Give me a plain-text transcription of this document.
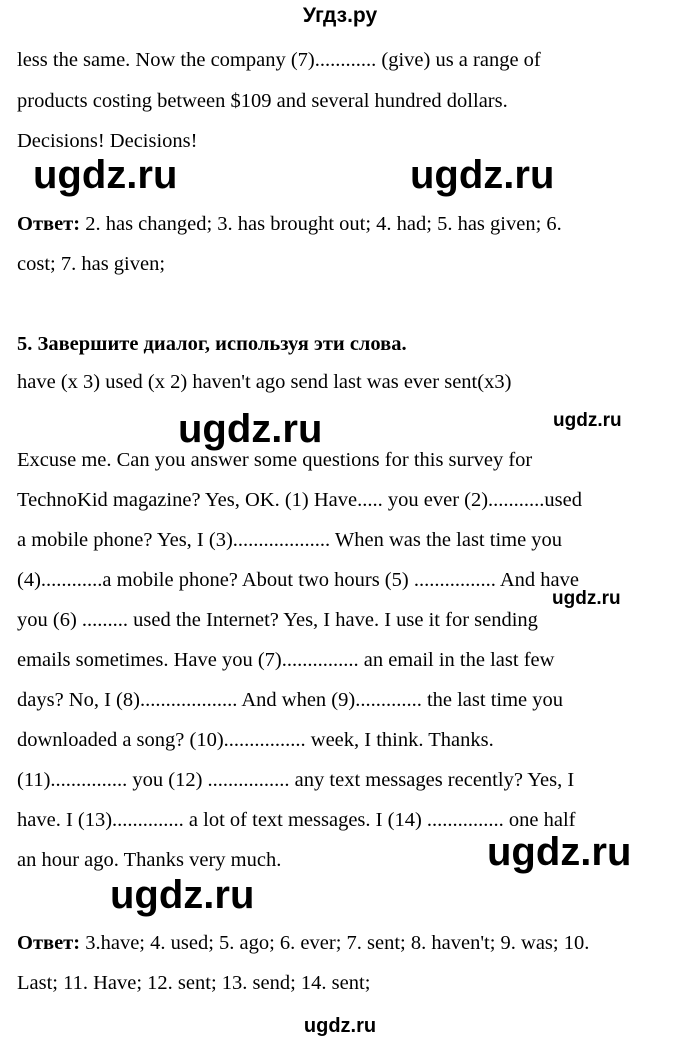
Угдз.ру
less the same. Now the company (7)............ (give) us a range of
products costing between $109 and several hundred dollars.
Decisions! Decisions!
ugdz.ru	ugdz.ru
Ответ: 2. has changed; 3. has brought out; 4. had; 5. has given; 6.
cost; 7. has given;
5. Завершите диалог, используя эти слова.
have (x 3) used (x 2) haven't ago send last was ever sent(x3)
ugdz.ru	ugdz.ru
Excuse me. Can you answer some questions for this survey for
TechnoKid magazine? Yes, OK. (1) Have..... you ever (2)...........used
a mobile phone? Yes, I (3)................... When was the last time you
(4)............a mobile phone? About two hours (5) ................ And have
ugdz.ru
you (6) ......... used the Internet? Yes, I have. I use it for sending
emails sometimes. Have you (7)............... an email in the last few
days? No, I (8)................... And when (9)............. the last time you
downloaded a song? (10)................ week, I think. Thanks.
(11)............... you (12) ................ any text messages recently? Yes, I
have. I (13).............. a lot of text messages. I (14) ............... one half
an hour ago. Thanks very much.	ugdz.ru
ugdz.ru
Ответ: 3.have; 4. used; 5. ago; 6. ever; 7. sent; 8. haven't; 9. was; 10.
Last; 11. Have; 12. sent; 13. send; 14. sent;
ugdz.ru
